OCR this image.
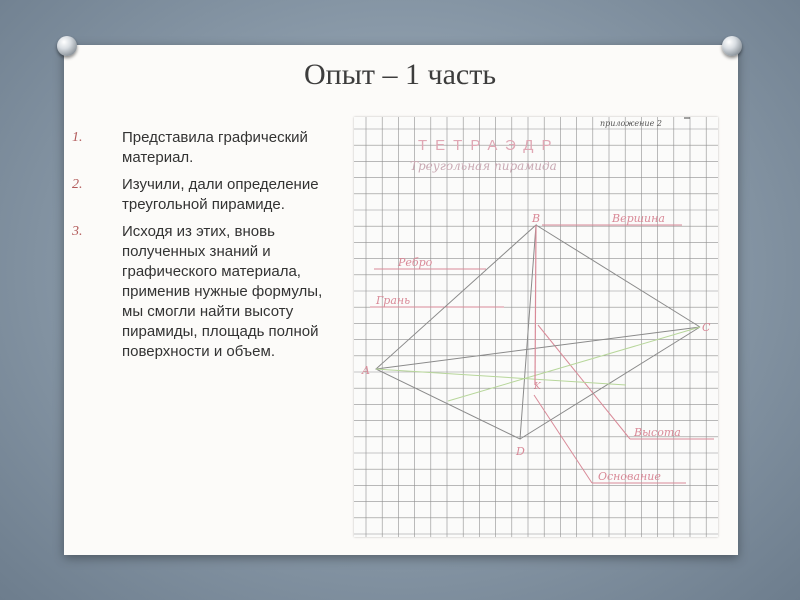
Опыт – 1 часть
1.	Представила графический материал.
2.	Изучили, дали определение треугольной пирамиде.
3.	Исходя из этих, вновь полученных знаний и графического материала, применив нужные формулы, мы смогли найти высоту пирамиды, площадь полной поверхности и объем.
приложение 2
ТЕТРАЭДР
Треугольная пирамида
B
A
C
D
K
Вершина
Ребро
Грань
Высота
Основание
